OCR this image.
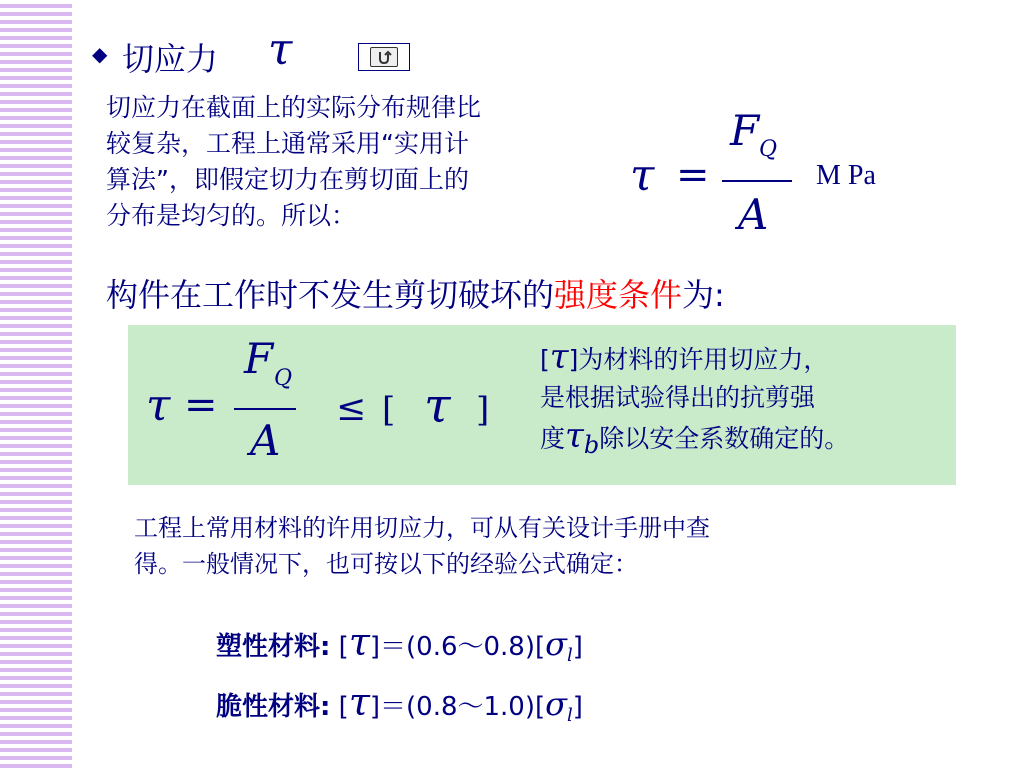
◆ 切应力 τ
切应力在截面上的实际分布规律比
较复杂，工程上通常采用“实用计
算法”，即假定切力在剪切面上的
分布是均匀的。所以：
τ =
F Q
A
M Pa
构件在工作时不发生剪切破坏的强度条件为:
τ =
F Q
A
≤ [ τ ]
[τ]为材料的许用切应力，
是根据试验得出的抗剪强
度$\tau_b$除以安全系数确定的。
工程上常用材料的许用切应力，可从有关设计手册中查
得。一般情况下，也可按以下的经验公式确定：
塑性材料: $[\tau]=(0.6\sim 0.8)[\sigma_l]$
脆性材料: $[\tau]=(0.8\sim 1.0)[\sigma_l]$
